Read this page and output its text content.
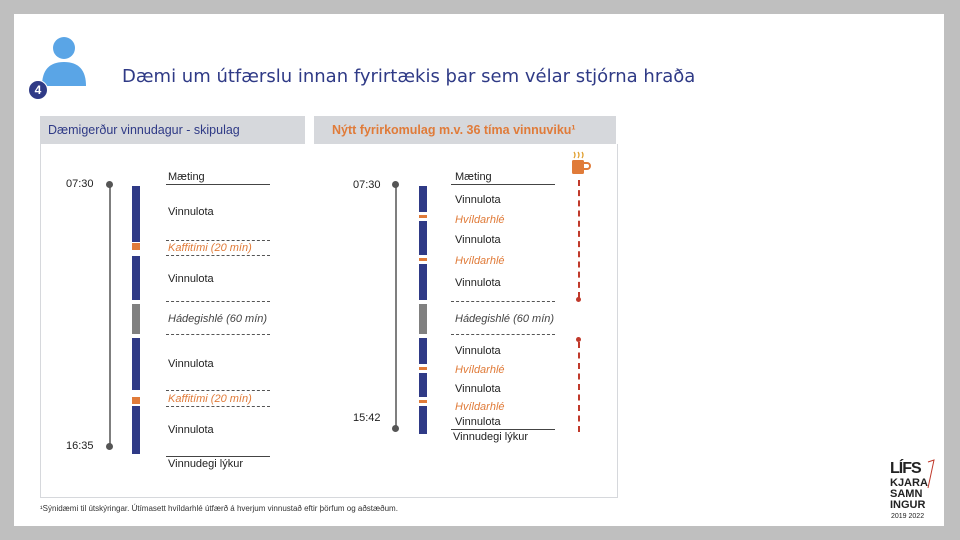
4
Dæmi um útfærslu innan fyrirtækis þar sem vélar stjórna hraða
Dæmigerður vinnudagur - skipulag	Nýtt fyrirkomulag m.v. 36 tíma vinnuviku¹
07:30
16:35
Mæting
Vinnulota
Kaffitími (20 mín)
Vinnulota
Hádegishlé (60 mín)
Vinnulota
Kaffitími (20 mín)
Vinnulota
Vinnudegi lýkur
07:30
15:42
Mæting
Vinnulota
Hvíldarhlé
Vinnulota
Hvíldarhlé
Vinnulota
Hádegishlé (60 mín)
Vinnulota
Hvíldarhlé
Vinnulota
Hvíldarhlé
Vinnulota
Vinnudegi lýkur
¹Sýnidæmi til útskýringar. Útímasett hvíldarhlé útfærð á hverjum vinnustað eftir þörfum og aðstæðum.
LÍFS
KJARA
SAMN
INGUR
2019 2022
